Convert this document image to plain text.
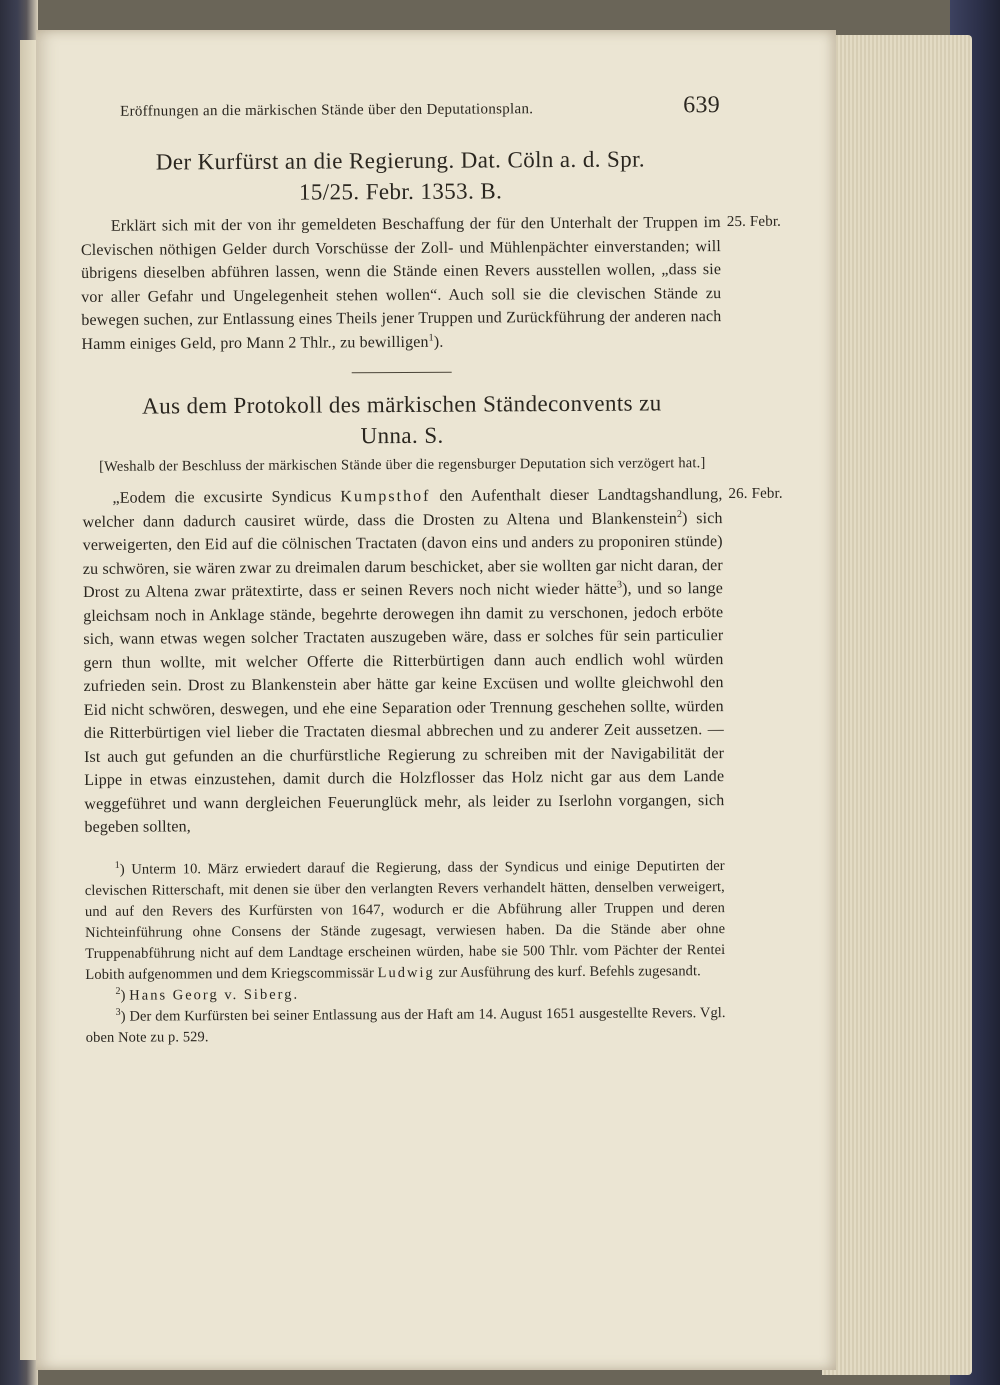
Eröffnungen an die märkischen Stände über den Deputationsplan.	639
Der Kurfürst an die Regierung. Dat. Cöln a. d. Spr.
15/25. Febr. 1353. B.

25. Febr.
Erklärt sich mit der von ihr gemeldeten Beschaffung der für den Unterhalt der Truppen im Clevischen nöthigen Gelder durch Vorschüsse der Zoll- und Mühlenpächter einverstanden; will übrigens dieselben abführen lassen, wenn die Stände einen Revers ausstellen wollen, „dass sie vor aller Gefahr und Ungelegenheit stehen wollen“. Auch soll sie die clevischen Stände zu bewegen suchen, zur Entlassung eines Theils jener Truppen und Zurückführung der anderen nach Hamm einiges Geld, pro Mann 2 Thlr., zu bewilligen$^1$).

Aus dem Protokoll des märkischen Ständeconvents zu
Unna. S.
[Weshalb der Beschluss der märkischen Stände über die regensburger Deputation sich verzögert hat.]

26. Febr.
„Eodem die excusirte Syndicus Kumpsthof den Aufenthalt dieser Landtagshandlung, welcher dann dadurch causiret würde, dass die Drosten zu Altena und Blankenstein$^2$) sich verweigerten, den Eid auf die cölnischen Tractaten (davon eins und anders zu proponiren stünde) zu schwören, sie wären zwar zu dreimalen darum beschicket, aber sie wollten gar nicht daran, der Drost zu Altena zwar prätextirte, dass er seinen Revers noch nicht wieder hätte$^3$), und so lange gleichsam noch in Anklage stände, begehrte derowegen ihn damit zu verschonen, jedoch erböte sich, wann etwas wegen solcher Tractaten auszugeben wäre, dass er solches für sein particulier gern thun wollte, mit welcher Offerte die Ritterbürtigen dann auch endlich wohl würden zufrieden sein. Drost zu Blankenstein aber hätte gar keine Excüsen und wollte gleichwohl den Eid nicht schwören, deswegen, und ehe eine Separation oder Trennung geschehen sollte, würden die Ritterbürtigen viel lieber die Tractaten diesmal abbrechen und zu anderer Zeit aussetzen. — Ist auch gut gefunden an die churfürstliche Regierung zu schreiben mit der Navigabilität der Lippe in etwas einzustehen, damit durch die Holzflosser das Holz nicht gar aus dem Lande weggeführet und wann dergleichen Feuerunglück mehr, als leider zu Iserlohn vorgangen, sich begeben sollten,

$^1$) Unterm 10. März erwiedert darauf die Regierung, dass der Syndicus und einige Deputirten der clevischen Ritterschaft, mit denen sie über den verlangten Revers verhandelt hätten, denselben verweigert, und auf den Revers des Kurfürsten von 1647, wodurch er die Abführung aller Truppen und deren Nichteinführung ohne Consens der Stände zugesagt, verwiesen haben. Da die Stände aber ohne Truppenabführung nicht auf dem Landtage erscheinen würden, habe sie 500 Thlr. vom Pächter der Rentei Lobith aufgenommen und dem Kriegscommissär Ludwig zur Ausführung des kurf. Befehls zugesandt.

$^2$) Hans Georg v. Siberg.

$^3$) Der dem Kurfürsten bei seiner Entlassung aus der Haft am 14. August 1651 ausgestellte Revers. Vgl. oben Note zu p. 529.
